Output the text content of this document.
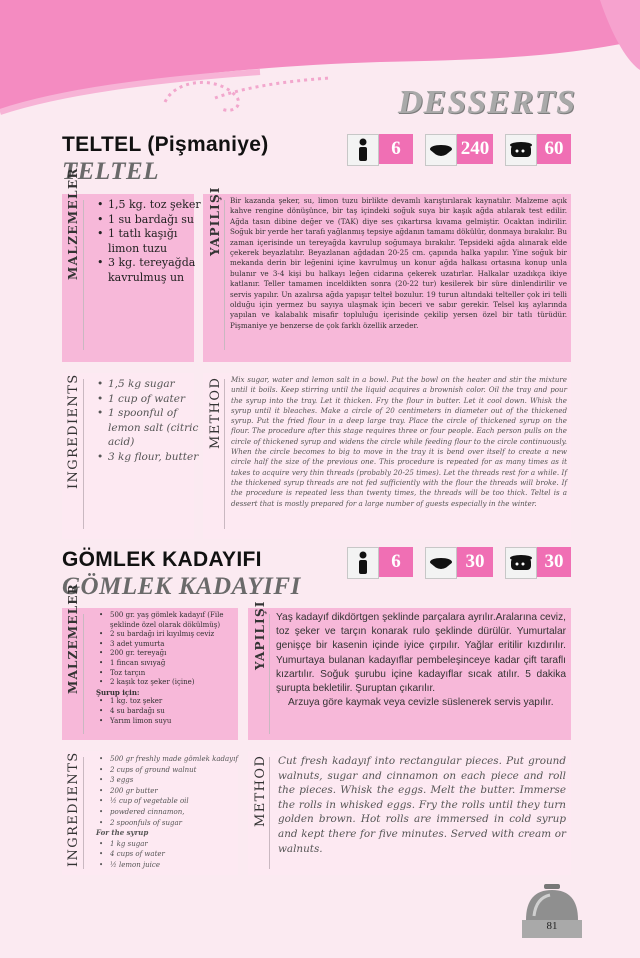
DESSERTS
TELTEL (Pişmaniye)
TELTEL
6	240	60
MALZEMELER	• 1,5 kg. toz şeker
• 1 su bardağı su
• 1 tatlı kaşığı limon tuzu
• 3 kg. tereyağda kavrulmuş un
YAPILIŞI Bir kazanda şeker, su, limon tuzu birlikte devamlı karıştırılarak kaynatılır. Malzeme açık kahve rengine dönüşünce, bir taş içindeki soğuk suya bir kaşık ağda atılarak test edilir. Ağda tasın dibine değer ve (TAK) diye ses çıkartırsa kıvama gelmiştir. Ocaktan indirilir. Soğuk bir yerde her tarafı yağlanmış tepsiye ağdanın tamamı dökülür, donmaya bırakılır. Bu zaman içerisinde un tereyağda kavrulup soğumaya bırakılır. Tepsideki ağda alınarak elde çekerek beyazlatılır. Beyazlanan ağdadan 20-25 cm. çapında halka yapılır. Yine soğuk bir mekanda derin bir leğenini içine kavrulmuş un konur ağda halkası ortasına konup unla bulanır ve 3-4 kişi bu halkayı leğen cidarına çekerek uzatırlar. Halkalar uzadıkça ikiye katlanır. Teller tamamen inceldikten sonra (20-22 tur) kesilerek bir süre dinlendirilir ve servis yapılır. Un azalırsa ağda yapışır telteł bozulur. 19 turun altındaki telteller çok iri telli olduğu için yermez bu sayıya ulaşmak için beceri ve sabır gerekir. Telsel kış aylarında yapılan ve kalabalık misafir topluluğu içerisinde çekilip yersen özel bir tatlı türüdür. Pişmaniye ye benzerse de çok farklı özellik arzeder.
INGREDIENTS	• 1,5 kg sugar
• 1 cup of water
• 1 spoonful of lemon salt (citric acid)
• 3 kg flour, butter
METHOD Mix sugar, water and lemon salt in a bowl. Put the bowl on the heater and stir the mixture until it boils. Keep stirring until the liquid acquires a brownish color. Oil the tray and pour the syrup into the tray. Let it thicken. Fry the flour in butter. Let it cool down. Whisk the syrup until it bleaches. Make a circle of 20 centimeters in diameter out of the thickened syrup. Put the fried flour in a deep large tray. Place the circle of thickened syrup on the flour. The procedure after this stage requires three or four people. Each person pulls on the circle of thickened syrup and widens the circle while feeding flour to the circle continuously. When the circle becomes to big to move in the tray it is bend over itself to create a new circle half the size of the previous one. This procedure is repeated for as many times as it takes to acquire very thin threads (probably 20-25 times). Let the threads rest for a while. If the thickened syrup threads are not fed sufficiently with the flour the threads will broke. If the procedure is repeated less than twenty times, the threads will be too thick. Teltel is a dessert that is mostly prepared for a large number of guests especially in the winter.
GÖMLEK KADAYIFI
GÖMLEK KADAYIFI
6	30	30
MALZEMELER	• 500 gr. yaş gömlek kadayıf (File şeklinde özel olarak dökülmüş)
• 2 su bardağı iri kıyılmış ceviz
• 3 adet yumurta
• 200 gr. tereyağı
• 1 fincan sıvıyağ
• Toz tarçın
• 2 kaşık toz şeker (içine)
Şurup için:
• 1 kg. toz şeker
• 4 su bardağı su
• Yarım limon suyu
YAPILIŞI Yaş kadayıf dikdörtgen şeklinde parçalara ayrılır.Aralarına ceviz, toz şeker ve tarçın konarak rulo şeklinde dürülür. Yumurtalar genişçe bir kasenin içinde iyice çırpılır. Yağlar eritilir kızdırılır. Yumurtaya bulanan kadayıflar pembeleşinceye kadar çift taraflı kızartılır. Soğuk şurubu içine kadayıflar sıcak atılır. 5 dakika şurupta bekletilir. Şuruptan çıkarılır.
Arzuya göre kaymak veya cevizle süslenerek servis yapılır.
INGREDIENTS	• 500 gr freshly made gömlek kadayıf
• 2 cups of ground walnut
• 3 eggs
• 200 gr butter
• ½ cup of vegetable oil
• powdered cinnamon,
• 2 spoonfuls of sugar
For the syrup
• 1 kg sugar
• 4 cups of water
• ½ lemon juice
METHOD Cut fresh kadayıf into rectangular pieces. Put ground walnuts, sugar and cinnamon on each piece and roll the pieces. Whisk the eggs. Melt the butter. Immerse the rolls in whisked eggs. Fry the rolls until they turn golden brown. Hot rolls are immersed in cold syrup and kept there for five minutes. Served with cream or walnuts.
81
